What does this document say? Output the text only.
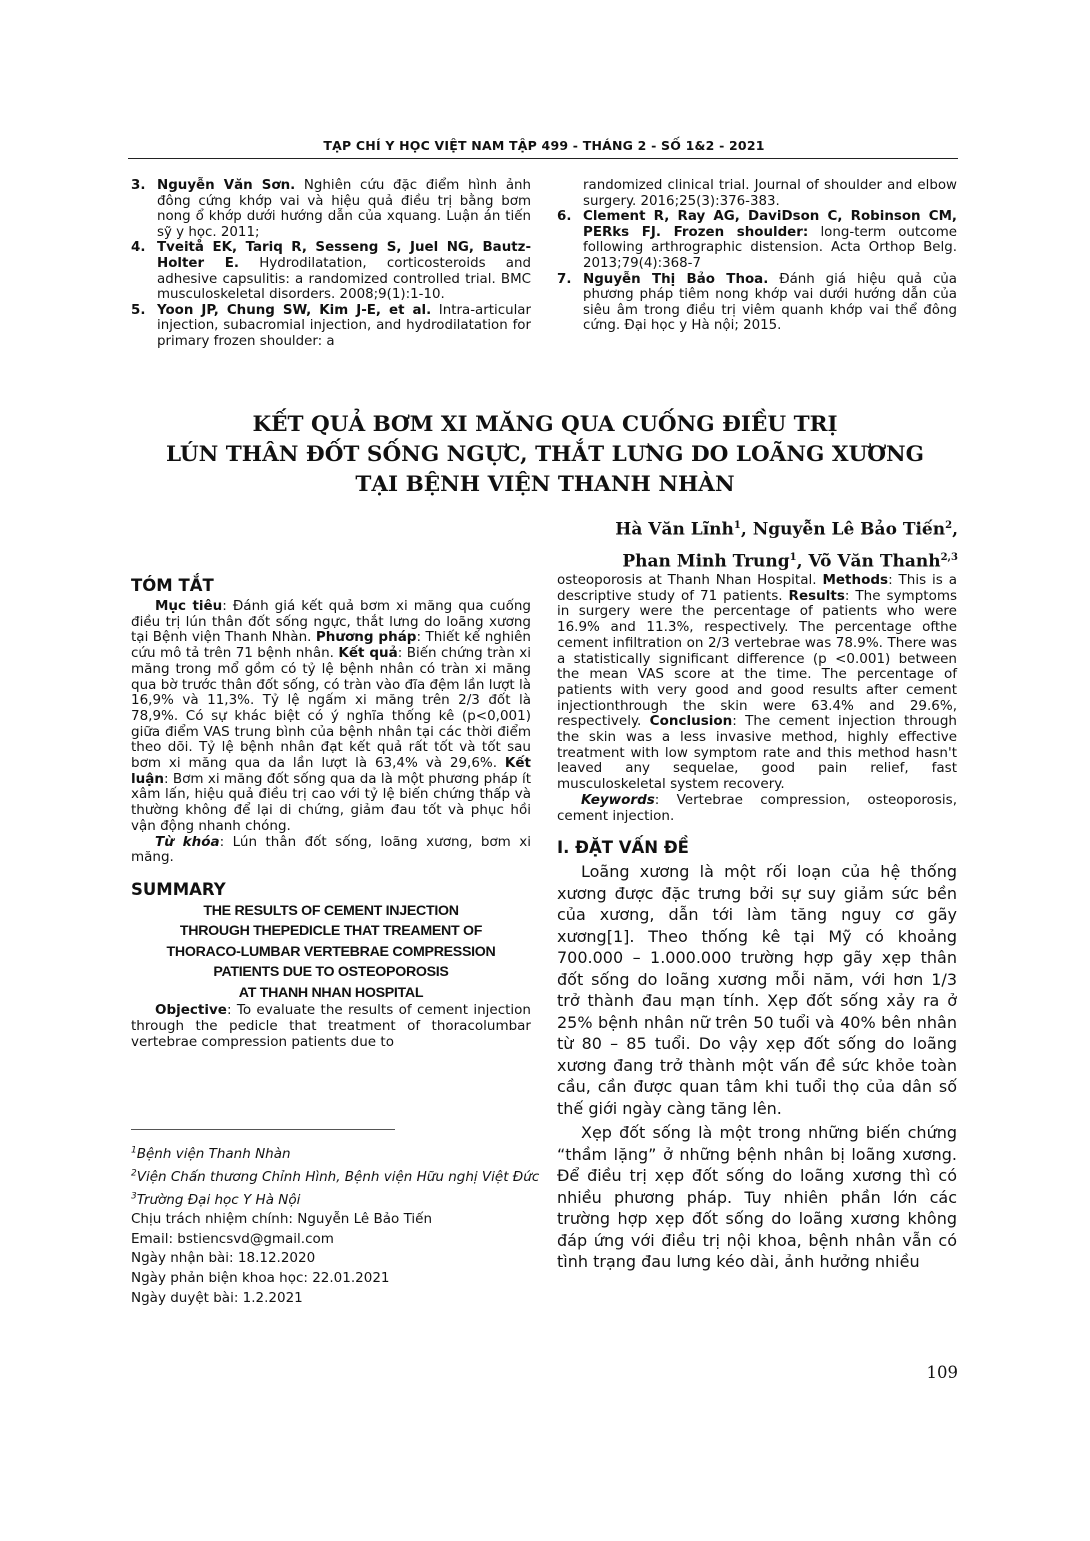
TẠP CHÍ Y HỌC VIỆT NAM TẬP 499 - THÁNG 2 - SỐ 1&2 - 2021

3. Nguyễn Văn Sơn. Nghiên cứu đặc điểm hình ảnh đông cứng khớp vai và hiệu quả điều trị bằng bơm nong ổ khớp dưới hướng dẫn của xquang. Luận án tiến sỹ y học. 2011;

4. Tveitå EK, Tariq R, Sesseng S, Juel NG, Bautz-Holter E. Hydrodilatation, corticosteroids and adhesive capsulitis: a randomized controlled trial. BMC musculoskeletal disorders. 2008;9(1):1-10.

5. Yoon JP, Chung SW, Kim J-E, et al. Intra-articular injection, subacromial injection, and hydrodilatation for primary frozen shoulder: a

randomized clinical trial. Journal of shoulder and elbow surgery. 2016;25(3):376-383.

6. Clement R, Ray AG, DaviDson C, Robinson CM, PERks FJ. Frozen shoulder: long-term outcome following arthrographic distension. Acta Orthop Belg. 2013;79(4):368-7

7. Nguyễn Thị Bảo Thoa. Đánh giá hiệu quả của phương pháp tiêm nong khớp vai dưới hướng dẫn của siêu âm trong điều trị viêm quanh khớp vai thể đông cứng. Đại học y Hà nội; 2015.

KẾT QUẢ BƠM XI MĂNG QUA CUỐNG ĐIỀU TRỊ
LÚN THÂN ĐỐT SỐNG NGỰC, THẮT LƯNG DO LOÃNG XƯƠNG
TẠI BỆNH VIỆN THANH NHÀN
Hà Văn Lĩnh$^1$, Nguyễn Lê Bảo Tiến$^2$,
Phan Minh Trung$^1$, Võ Văn Thanh$^{2,3}$

TÓM TẮT

Mục tiêu: Đánh giá kết quả bơm xi măng qua cuống điều trị lún thân đốt sống ngực, thắt lưng do loãng xương tại Bệnh viện Thanh Nhàn. Phương pháp: Thiết kế nghiên cứu mô tả trên 71 bệnh nhân. Kết quả: Biến chứng tràn xi măng trong mổ gồm có tỷ lệ bệnh nhân có tràn xi măng qua bờ trước thân đốt sống, có tràn vào đĩa đệm lần lượt là 16,9% và 11,3%. Tỷ lệ ngấm xi măng trên 2/3 đốt là 78,9%. Có sự khác biệt có ý nghĩa thống kê (p<0,001) giữa điểm VAS trung bình của bệnh nhân tại các thời điểm theo dõi. Tỷ lệ bệnh nhân đạt kết quả rất tốt và tốt sau bơm xi măng qua da lần lượt là 63,4% và 29,6%. Kết luận: Bơm xi măng đốt sống qua da là một phương pháp ít xâm lấn, hiệu quả điều trị cao với tỷ lệ biến chứng thấp và thường không để lại di chứng, giảm đau tốt và phục hồi vận động nhanh chóng.

Từ khóa: Lún thân đốt sống, loãng xương, bơm xi măng.

SUMMARY

THE RESULTS OF CEMENT INJECTION

THROUGH THEPEDICLE THAT TREAMENT OF

THORACO-LUMBAR VERTEBRAE COMPRESSION

PATIENTS DUE TO OSTEOPOROSIS

AT THANH NHAN HOSPITAL

Objective: To evaluate the results of cement injection through the pedicle that treatment of thoracolumbar vertebrae compression patients due to

$^1$Bệnh viện Thanh Nhàn

$^2$Viện Chấn thương Chỉnh Hình, Bệnh viện Hữu nghị Việt Đức

$^3$Trường Đại học Y Hà Nội

Chịu trách nhiệm chính: Nguyễn Lê Bảo Tiến

Email: bstiencsvd@gmail.com

Ngày nhận bài: 18.12.2020

Ngày phản biện khoa học: 22.01.2021

Ngày duyệt bài: 1.2.2021

osteoporosis at Thanh Nhan Hospital. Methods: This is a descriptive study of 71 patients. Results: The symptoms in surgery were the percentage of patients who were 16.9% and 11.3%, respectively. The percentage ofthe cement infiltration on 2/3 vertebrae was 78.9%. There was a statistically significant difference (p <0.001) between the mean VAS score at the time. The percentage of patients with very good and good results after cement injectionthrough the skin were 63.4% and 29.6%, respectively. Conclusion: The cement injection through the skin was a less invasive method, highly effective treatment with low symptom rate and this method hasn't leaved any sequelae, good pain relief, fast musculoskeletal system recovery.

Keywords: Vertebrae compression, osteoporosis, cement injection.

I. ĐẶT VẤN ĐỀ

Loãng xương là một rối loạn của hệ thống xương được đặc trưng bởi sự suy giảm sức bền của xương, dẫn tới làm tăng nguy cơ gãy xương[1]. Theo thống kê tại Mỹ có khoảng 700.000 – 1.000.000 trường hợp gãy xẹp thân đốt sống do loãng xương mỗi năm, với hơn 1/3 trở thành đau mạn tính. Xẹp đốt sống xảy ra ở 25% bệnh nhân nữ trên 50 tuổi và 40% bên nhân từ 80 – 85 tuổi. Do vậy xẹp đốt sống do loãng xương đang trở thành một vấn đề sức khỏe toàn cầu, cần được quan tâm khi tuổi thọ của dân số thế giới ngày càng tăng lên.

Xẹp đốt sống là một trong những biến chứng “thầm lặng” ở những bệnh nhân bị loãng xương. Để điều trị xẹp đốt sống do loãng xương thì có nhiều phương pháp. Tuy nhiên phần lớn các trường hợp xẹp đốt sống do loãng xương không đáp ứng với điều trị nội khoa, bệnh nhân vẫn có tình trạng đau lưng kéo dài, ảnh hưởng nhiều

109
